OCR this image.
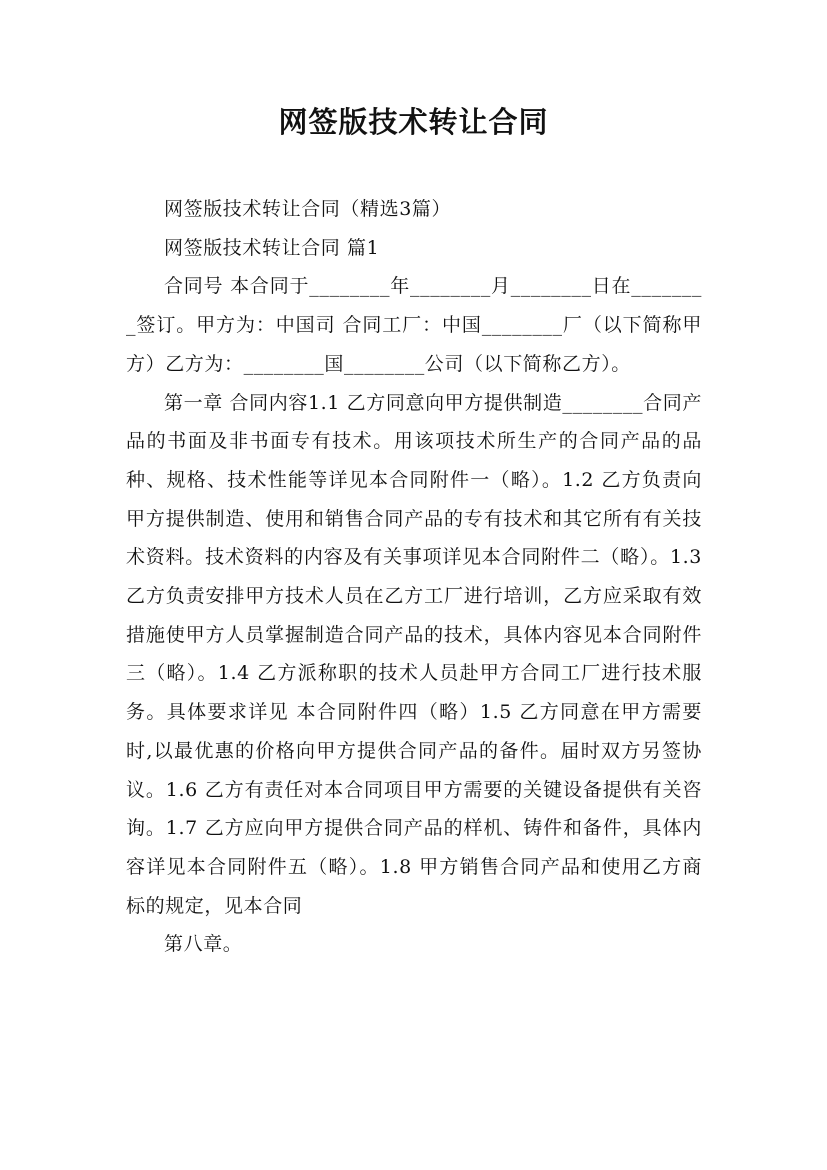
网签版技术转让合同

网签版技术转让合同（精选3篇）

网签版技术转让合同 篇1

合同号 本合同于________年________月________日在________签订。甲方为：中国司 合同工厂：中国________厂（以下简称甲方）乙方为：________国________公司（以下简称乙方）。

第一章 合同内容1.1 乙方同意向甲方提供制造________合同产品的书面及非书面专有技术。用该项技术所生产的合同产品的品种、规格、技术性能等详见本合同附件一（略）。1.2 乙方负责向甲方提供制造、使用和销售合同产品的专有技术和其它所有有关技术资料。技术资料的内容及有关事项详见本合同附件二（略）。1.3 乙方负责安排甲方技术人员在乙方工厂进行培训，乙方应采取有效措施使甲方人员掌握制造合同产品的技术，具体内容见本合同附件三（略）。1.4 乙方派称职的技术人员赴甲方合同工厂进行技术服务。具体要求详见 本合同附件四（略）1.5 乙方同意在甲方需要时,以最优惠的价格向甲方提供合同产品的备件。届时双方另签协议。1.6 乙方有责任对本合同项目甲方需要的关键设备提供有关咨询。1.7 乙方应向甲方提供合同产品的样机、铸件和备件，具体内容详见本合同附件五（略）。1.8 甲方销售合同产品和使用乙方商标的规定，见本合同

第八章。
